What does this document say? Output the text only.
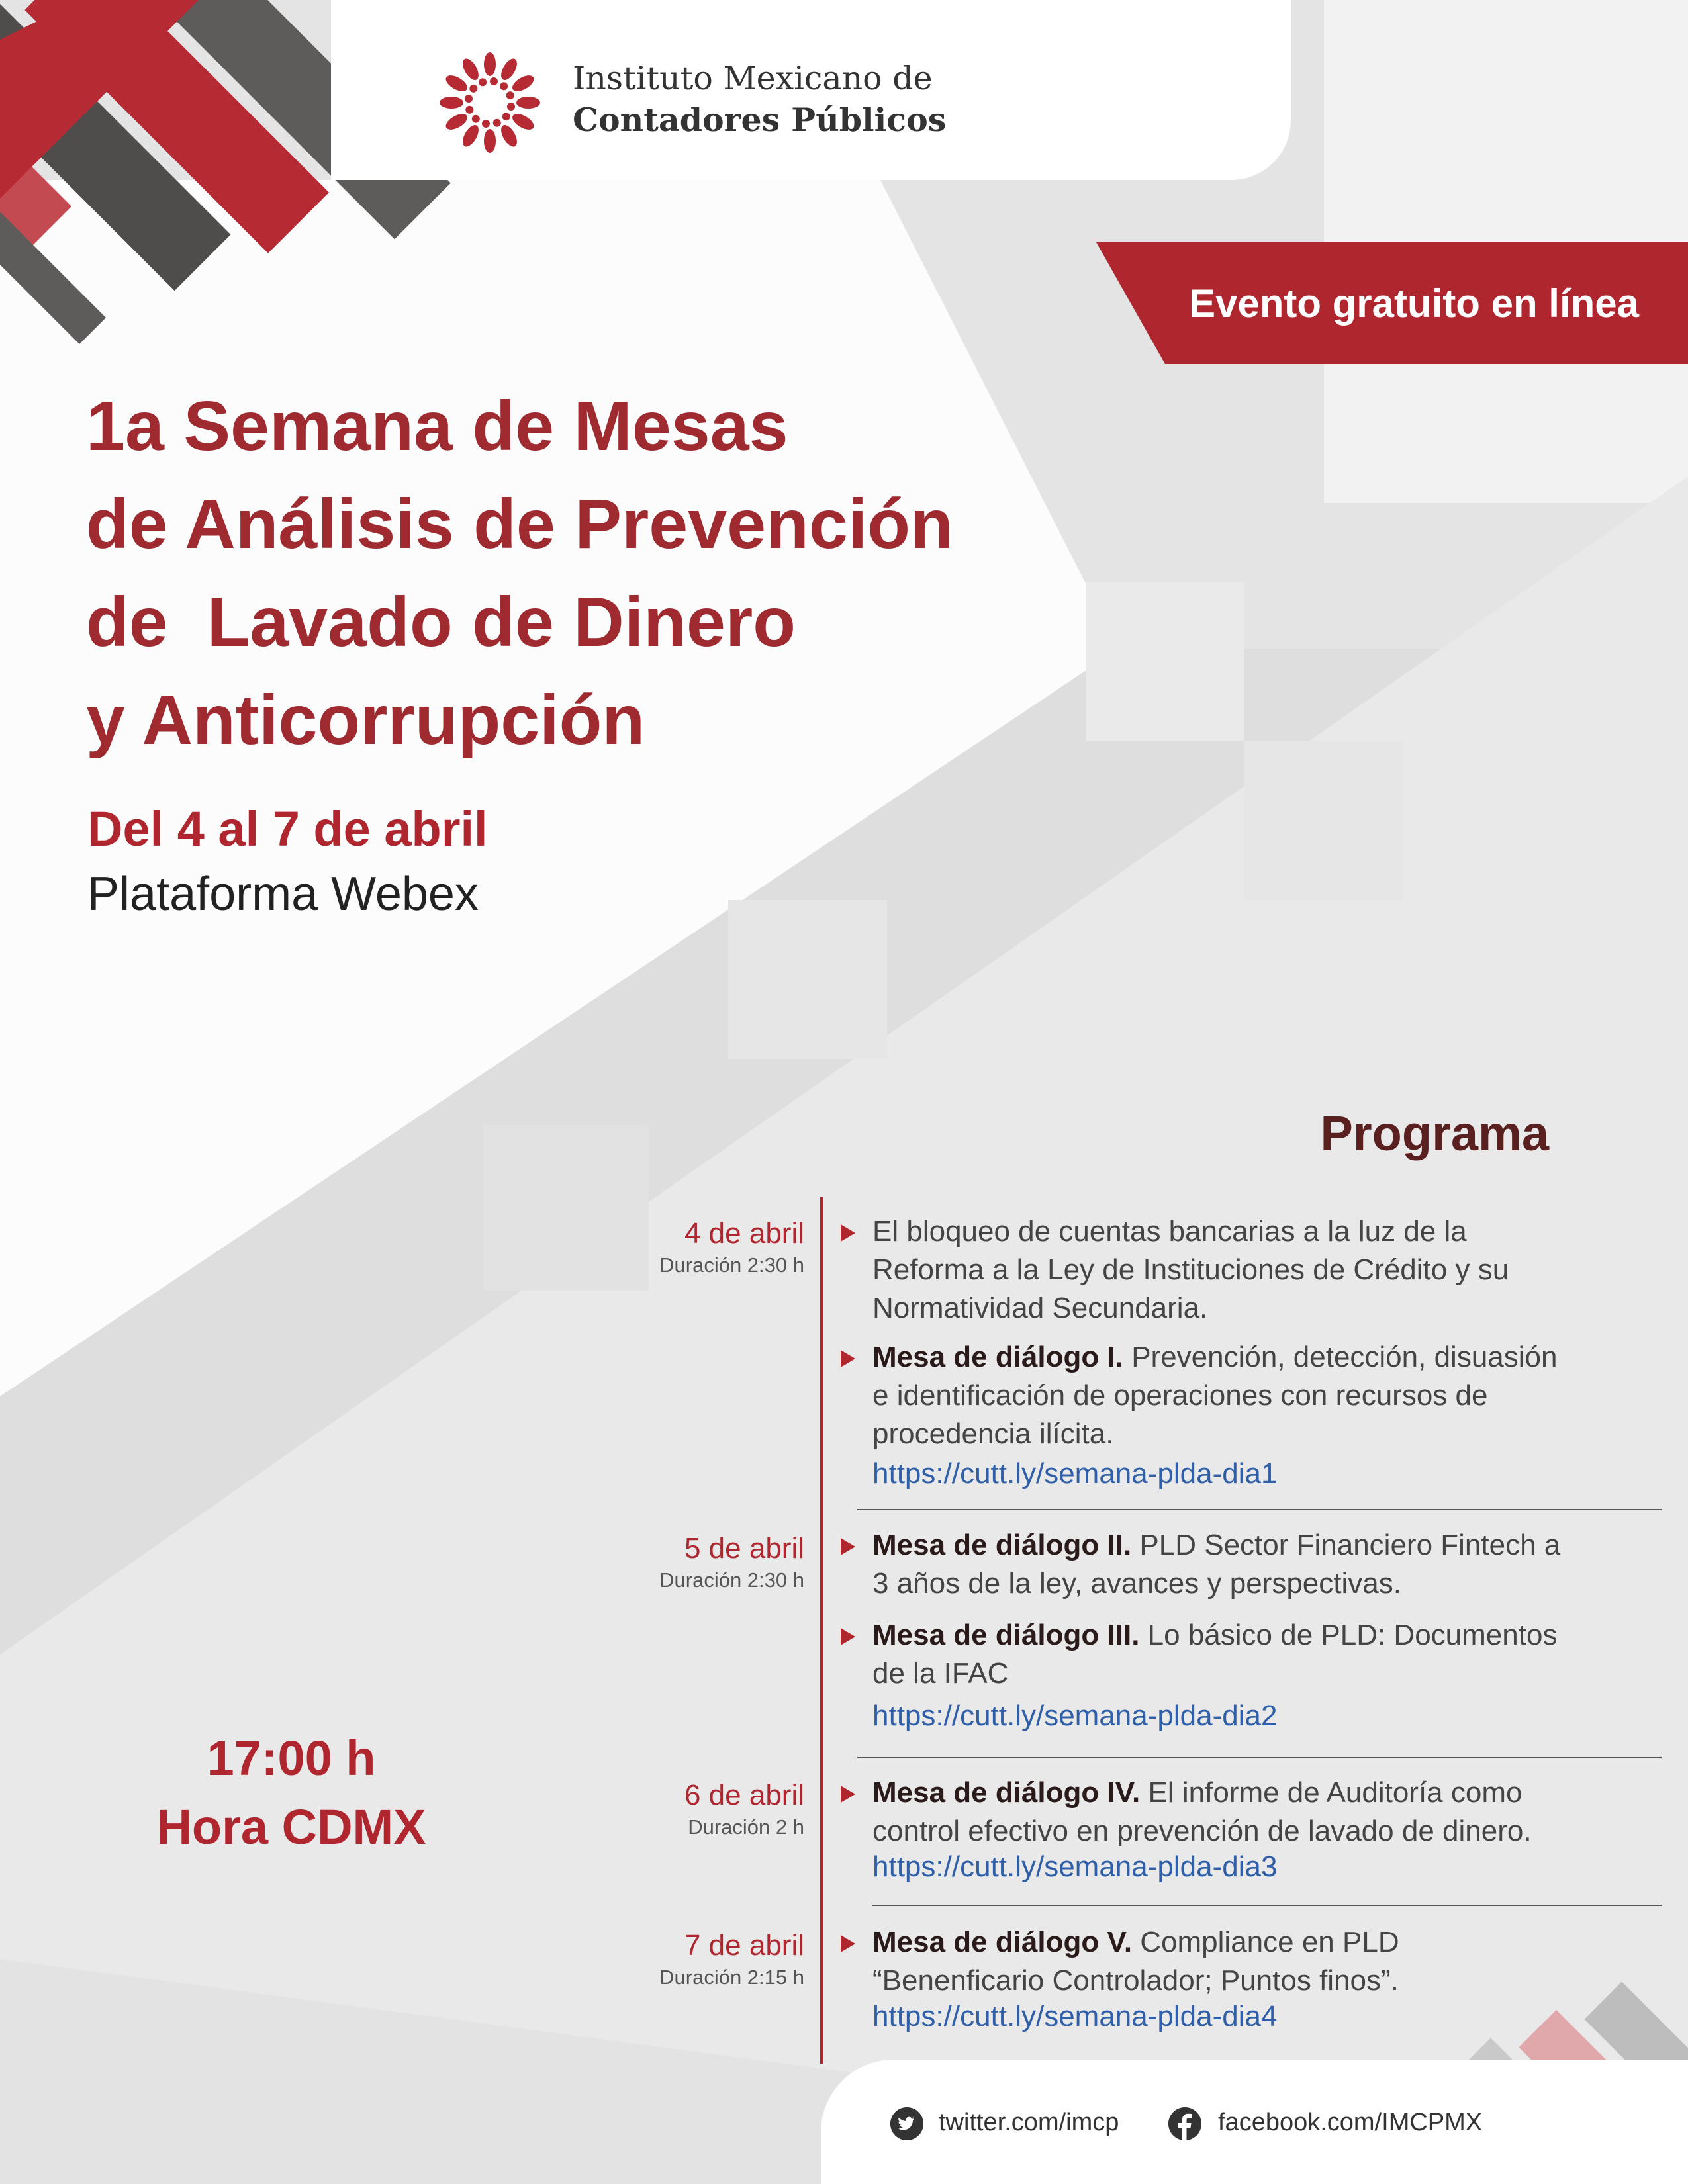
Instituto Mexicano de
Contadores Públicos
Evento gratuito en línea
1a Semana de Mesas
de Análisis de Prevención
de  Lavado de Dinero
y Anticorrupción
Del 4 al 7 de abril
Plataforma Webex
Programa
17:00 h
Hora CDMX
4 de abril
Duración 2:30 h
El bloqueo de cuentas bancarias a la luz de la Reforma a la Ley de Instituciones de Crédito y su Normatividad Secundaria.
Mesa de diálogo I. Prevención, detección, disuasión e identificación de operaciones con recursos de procedencia ilícita.
https://cutt.ly/semana-plda-dia1
5 de abril
Duración 2:30 h
Mesa de diálogo II. PLD Sector Financiero Fintech a 3 años de la ley, avances y perspectivas.
Mesa de diálogo III. Lo básico de PLD: Documentos de la IFAC
https://cutt.ly/semana-plda-dia2
6 de abril
Duración 2 h
Mesa de diálogo IV. El informe de Auditoría como control efectivo en prevención de lavado de dinero.
https://cutt.ly/semana-plda-dia3
7 de abril
Duración 2:15 h
Mesa de diálogo V. Compliance en PLD “Benenficario Controlador; Puntos finos”.
https://cutt.ly/semana-plda-dia4
twitter.com/imcp	facebook.com/IMCPMX
